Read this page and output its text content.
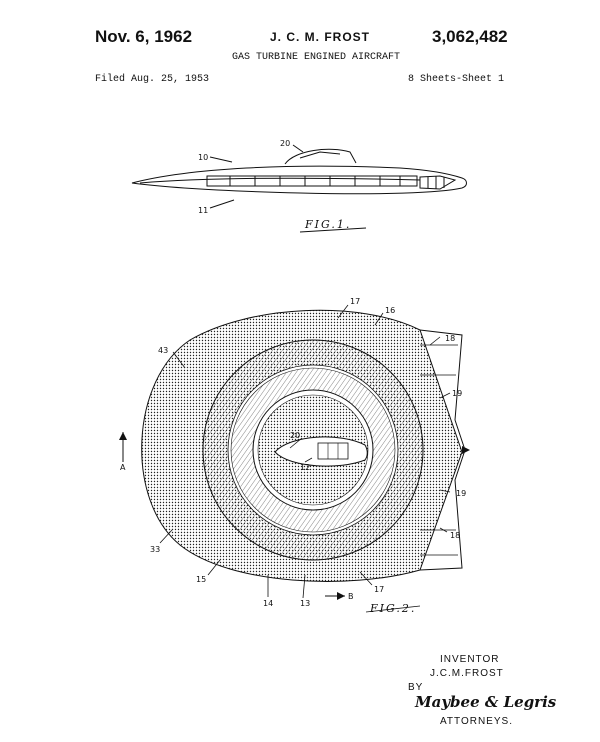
Nov. 6, 1962	J. C. M. FROST	3,062,482
GAS TURBINE ENGINED AIRCRAFT
Filed Aug. 25, 1953	8 Sheets-Sheet 1
10
11
20
FIG.1.
17
16
18
43
19
A
20
12
19
18
33
15
17
14	13
B
FIG.2.
INVENTOR
J.C.M.FROST
BY
Maybee & Legris
ATTORNEYS.
